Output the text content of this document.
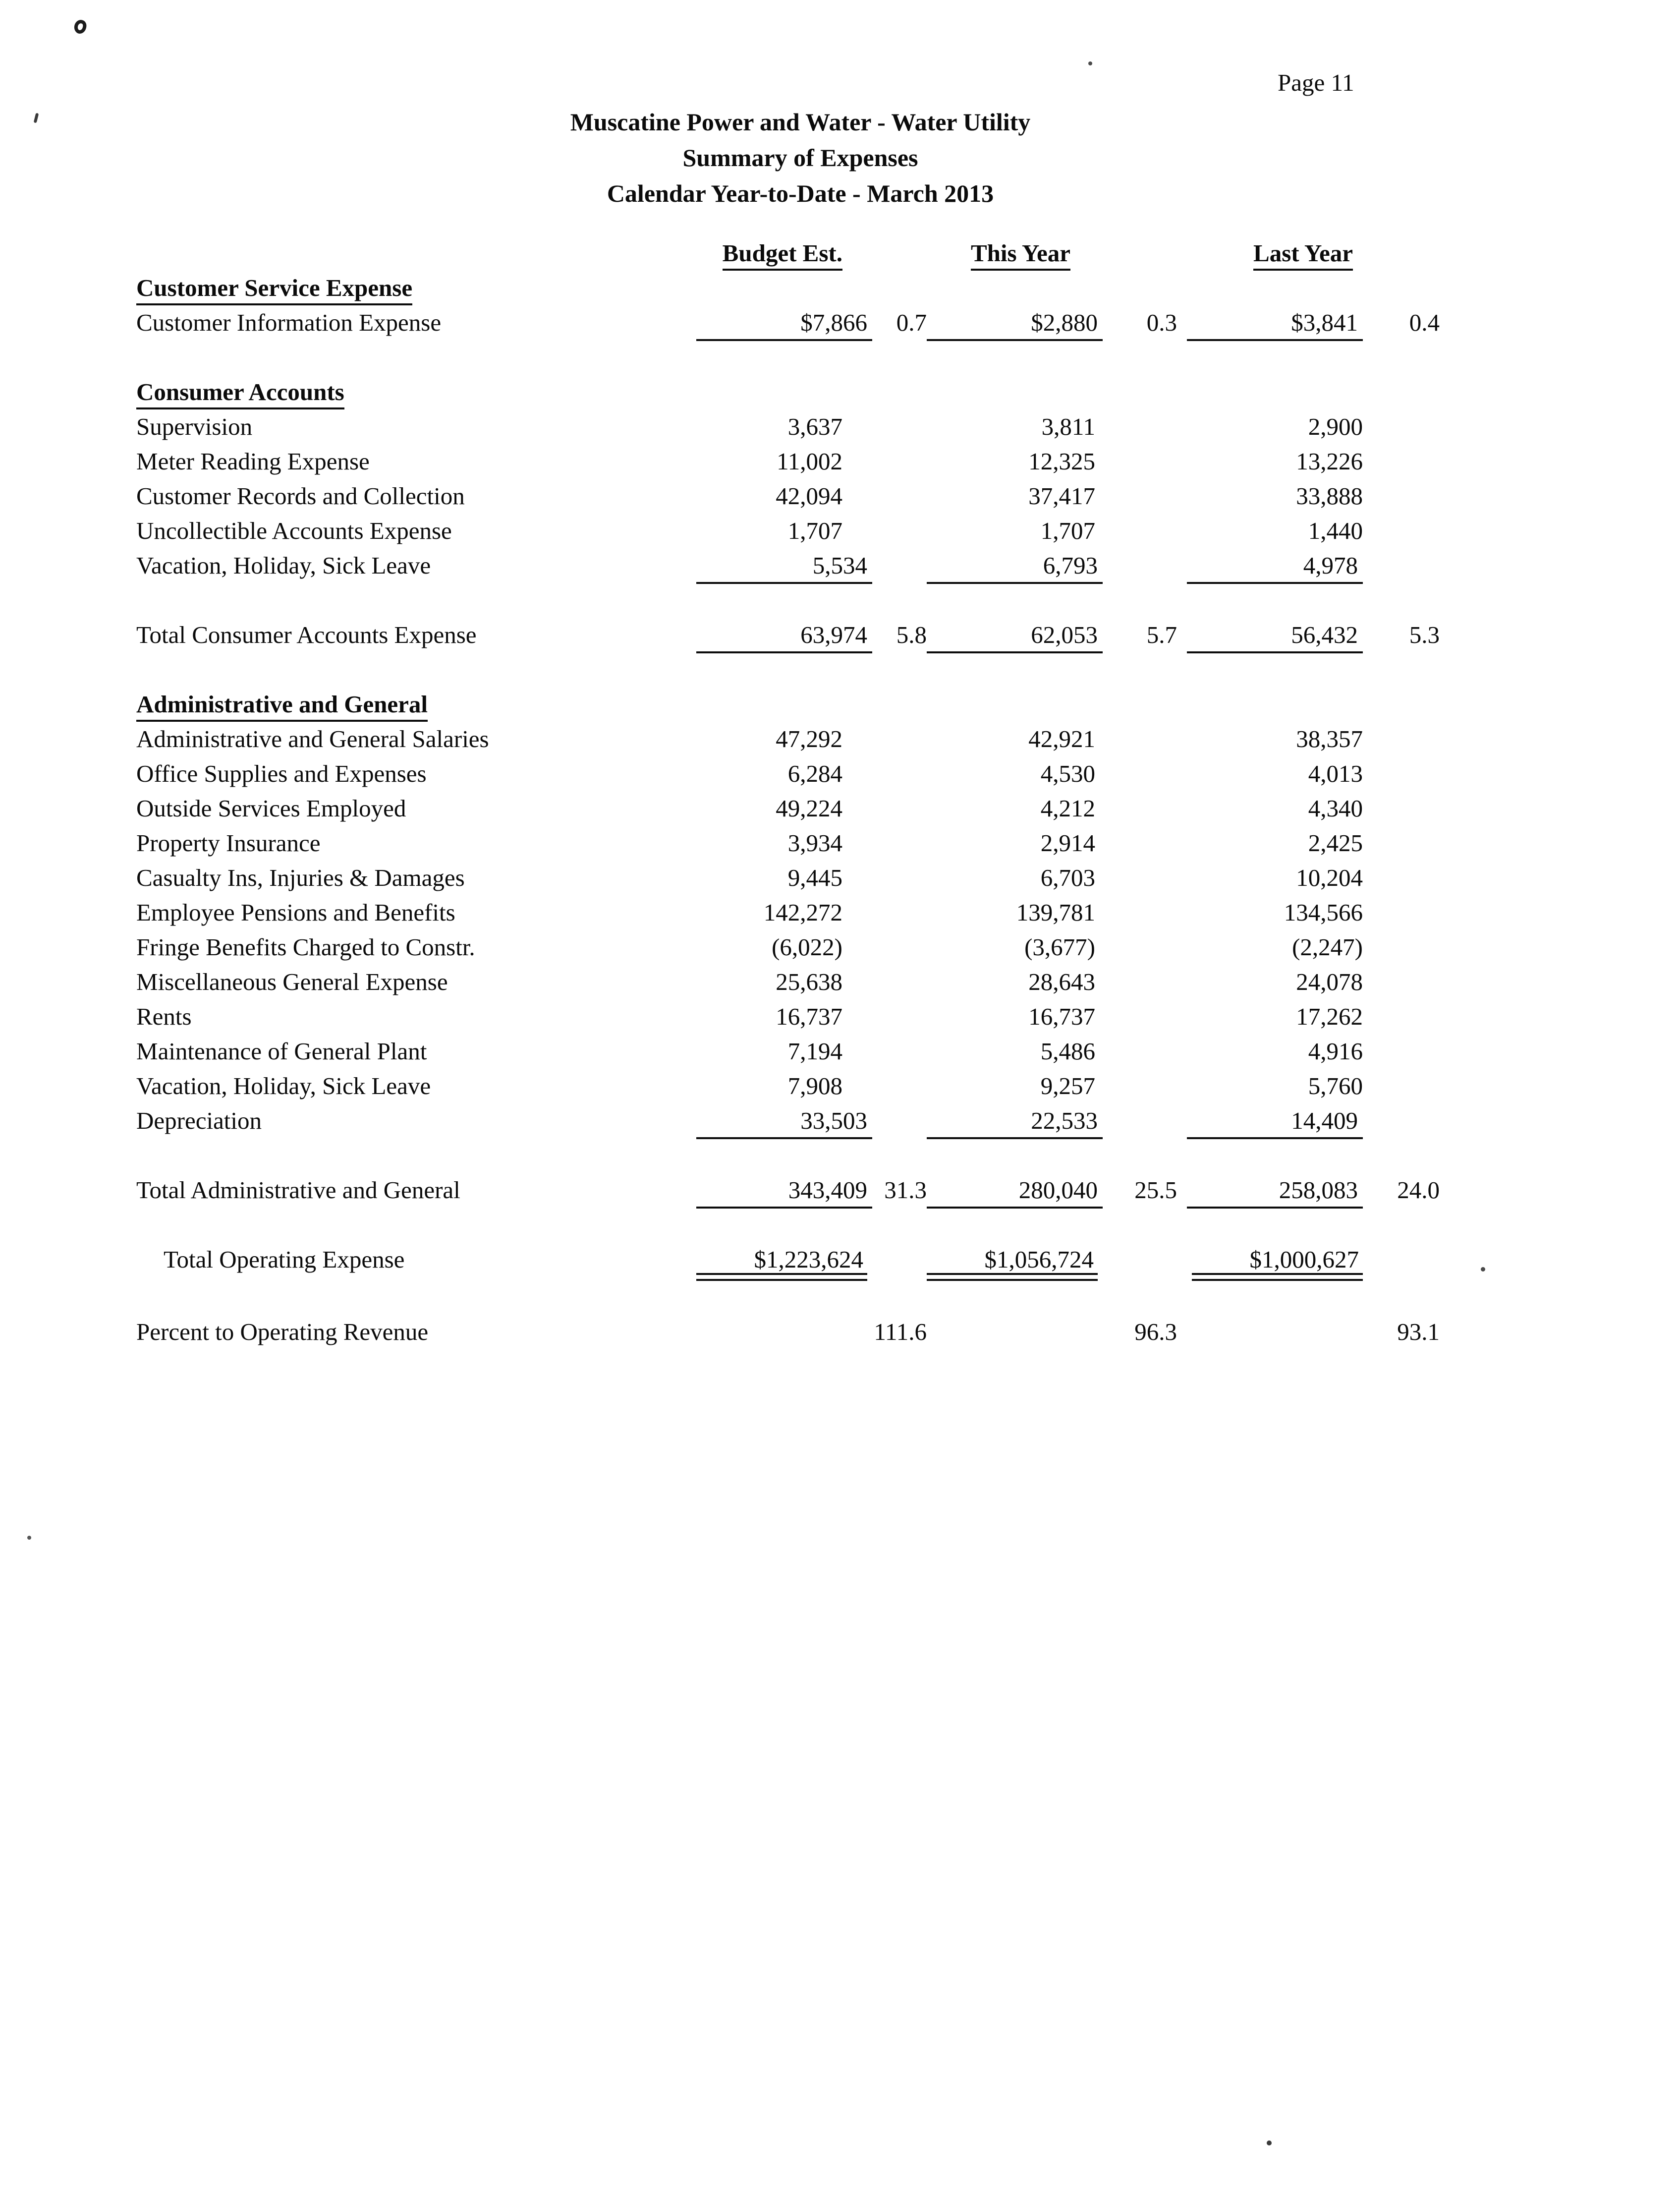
Page 11
Muscatine Power and Water - Water Utility
Summary of Expenses
Calendar Year-to-Date - March 2013
Budget Est.	This Year	Last Year
Customer Service Expense
Customer Information Expense	$7,866	0.7	$2,880	0.3	$3,841	0.4
Consumer Accounts
Supervision	3,637	3,811	2,900
Meter Reading Expense	11,002	12,325	13,226
Customer Records and Collection	42,094	37,417	33,888
Uncollectible Accounts Expense	1,707	1,707	1,440
Vacation, Holiday, Sick Leave	5,534	6,793	4,978
Total Consumer Accounts Expense	63,974	5.8	62,053	5.7	56,432	5.3
Administrative and General
Administrative and General Salaries	47,292	42,921	38,357
Office Supplies and Expenses	6,284	4,530	4,013
Outside Services Employed	49,224	4,212	4,340
Property Insurance	3,934	2,914	2,425
Casualty Ins, Injuries & Damages	9,445	6,703	10,204
Employee Pensions and Benefits	142,272	139,781	134,566
Fringe Benefits Charged to Constr.	(6,022)	(3,677)	(2,247)
Miscellaneous General Expense	25,638	28,643	24,078
Rents	16,737	16,737	17,262
Maintenance of General Plant	7,194	5,486	4,916
Vacation, Holiday, Sick Leave	7,908	9,257	5,760
Depreciation	33,503	22,533	14,409
Total Administrative and General	343,409 31.3	280,040	25.5	258,083	24.0
Total Operating Expense	$1,223,624	$1,056,724	$1,000,627
Percent to Operating Revenue	111.6	96.3	93.1
